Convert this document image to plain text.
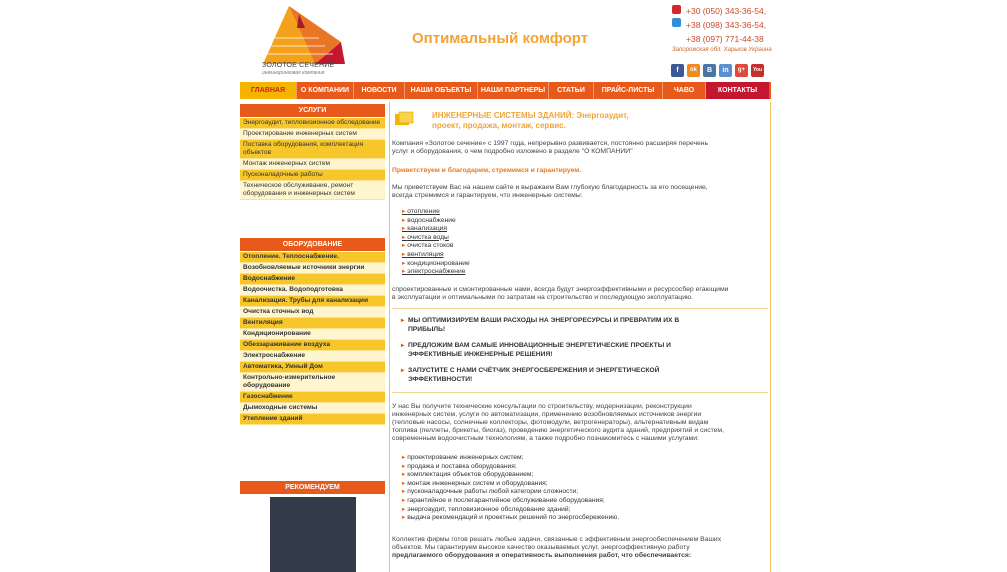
ЗОЛОТОЕ СЕЧЕНИЕ
инжиниринговая компания
Оптимальный комфорт
+30 (050) 343-36-54,
+38 (098) 343-36-54,
+38 (097) 771-44-38
Запорожская обл. Харьков Украина
f	ok	B	in	g+	You
ГЛАВНАЯ	О КОМПАНИИ	НОВОСТИ	НАШИ ОБЪЕКТЫ	НАШИ ПАРТНЕРЫ	СТАТЬИ	ПРАЙС-ЛИСТЫ	ЧАВО	КОНТАКТЫ
УСЛУГИ
Энергоаудит, тепловизионное обследование
Проектирование инженерных систем
Поставка оборудования, комплектация объектов
Монтаж инженерных систем
Пусконаладочные работы
Техническое обслуживание, ремонт оборудования и инженерных систем
ОБОРУДОВАНИЕ
Отопление. Теплоснабжение.
Возобновляемые источники энергии
Водоснабжение
Водоочистка. Водоподготовка
Канализация. Трубы для канализации
Очистка сточных вод
Вентиляция
Кондиционирование
Обеззараживание воздуха
Электроснабжение
Автоматика, Умный Дом
Контрольно-измерительное оборудование
Газоснабжение
Дымоходные системы
Утепление зданий
РЕКОМЕНДУЕМ
ИНЖЕНЕРНЫЕ СИСТЕМЫ ЗДАНИЙ: Энергоаудит,
проект, продажа, монтаж, сервис.
Компания «Золотое сечение» с 1997 года, непрерывно развивается, постоянно расширяя перечень
услуг и оборудования, о чем подробно изложено в разделе "О КОМПАНИИ"
Приветствуем и благодарим, стремимся и гарантируем.
Мы приветствуем Вас на нашем сайте и выражаем Вам глубокую благодарность за его посещение,
всегда стремимся и гарантируем, что инженерные системы:
▸ отопление
▸ водоснабжение
▸ канализация
▸ очистка воды
▸ очистка стоков
▸ вентиляция
▸ кондиционирование
▸ электроснабжение
спроектированные и смонтированные нами, всегда будут энергоэффективными и ресурсосбер егающими
в эксплуатации и оптимальными по затратам на строительство и последующую эксплуатацию.
▸ МЫ ОПТИМИЗИРУЕМ ВАШИ РАСХОДЫ НА ЭНЕРГОРЕСУРСЫ И ПРЕВРАТИМ ИХ В
ПРИБЫЛЬ!
▸ ПРЕДЛОЖИМ ВАМ САМЫЕ ИННОВАЦИОННЫЕ ЭНЕРГЕТИЧЕСКИЕ ПРОЕКТЫ И
ЭФФЕКТИВНЫЕ ИНЖЕНЕРНЫЕ РЕШЕНИЯ!
▸ ЗАПУСТИТЕ С НАМИ СЧЁТЧИК ЭНЕРГОСБЕРЕЖЕНИЯ И ЭНЕРГЕТИЧЕСКОЙ
ЭФФЕКТИВНОСТИ!
У нас Вы получите технические консультации по строительству, модернизации, реконструкции
инженерных систем, услуги по автоматизации, применению возобновляемых источников энергии
(тепловые насосы, солнечные коллекторы, фотомодули, ветрогенераторы), альтернативным видам
топлива (пеллеты, брикеты, биогаз), проведению энергетического аудита зданий, предприятий и систем,
современным водоочистным технологиям, а также подробно познакомитесь с нашими услугами:
▸ проектирование инженерных систем;
▸ продажа и поставка оборудования;
▸ комплектация объектов оборудованием;
▸ монтаж инженерных систем и оборудования;
▸ пусконаладочные работы любой категории сложности;
▸ гарантийное и послегарантийное обслуживание оборудования;
▸ энергоаудит, тепловизионное обследование зданий;
▸ выдача рекомендаций и проектных решений по энергосбережению.
Коллектив фирмы готов решать любые задачи, связанные с эффективным энергообеспечением Ваших
объектов. Мы гарантируем высокое качество оказываемых услуг, энергоэффективную работу
предлагаемого оборудования и оперативность выполнения работ, что обеспечивается:
